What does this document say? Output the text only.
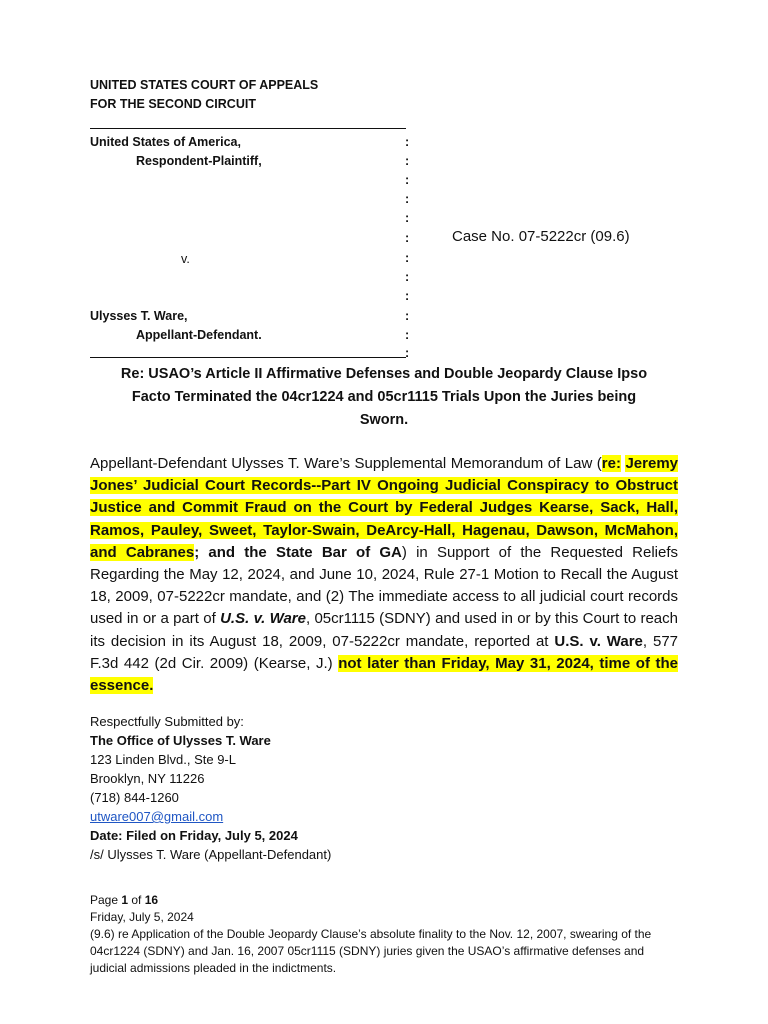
UNITED STATES COURT OF APPEALS
FOR THE SECOND CIRCUIT
United States of America,
Respondent-Plaintiff,
v.
Ulysses T. Ware,
Appellant-Defendant.
:
:
:
:
:
:
:
:
:
:
:
:
Case No. 07-5222cr (09.6)
Re: USAO’s Article II Affirmative Defenses and Double Jeopardy Clause Ipso
Facto Terminated the 04cr1224 and 05cr1115 Trials Upon the Juries being
Sworn.
Appellant-Defendant Ulysses T. Ware’s Supplemental Memorandum of Law (re: Jeremy Jones’ Judicial Court Records--Part IV Ongoing Judicial Conspiracy to Obstruct Justice and Commit Fraud on the Court by Federal Judges Kearse, Sack, Hall, Ramos, Pauley, Sweet, Taylor-Swain, DeArcy-Hall, Hagenau, Dawson, McMahon, and Cabranes; and the State Bar of GA) in Support of the Requested Reliefs Regarding the May 12, 2024, and June 10, 2024, Rule 27-1 Motion to Recall the August 18, 2009, 07-5222cr mandate, and (2) The immediate access to all judicial court records used in or a part of U.S. v. Ware, 05cr1115 (SDNY) and used in or by this Court to reach its decision in its August 18, 2009, 07-5222cr mandate, reported at U.S. v. Ware, 577 F.3d 442 (2d Cir. 2009) (Kearse, J.) not later than Friday, May 31, 2024, time of the essence.
Respectfully Submitted by:
The Office of Ulysses T. Ware
123 Linden Blvd., Ste 9-L
Brooklyn, NY 11226
(718) 844-1260
utware007@gmail.com
Date: Filed on Friday, July 5, 2024
/s/ Ulysses T. Ware (Appellant-Defendant)
Page 1 of 16
Friday, July 5, 2024
(9.6) re Application of the Double Jeopardy Clause’s absolute finality to the Nov. 12, 2007, swearing of the 04cr1224 (SDNY) and Jan. 16, 2007 05cr1115 (SDNY) juries given the USAO’s affirmative defenses and judicial admissions pleaded in the indictments.
